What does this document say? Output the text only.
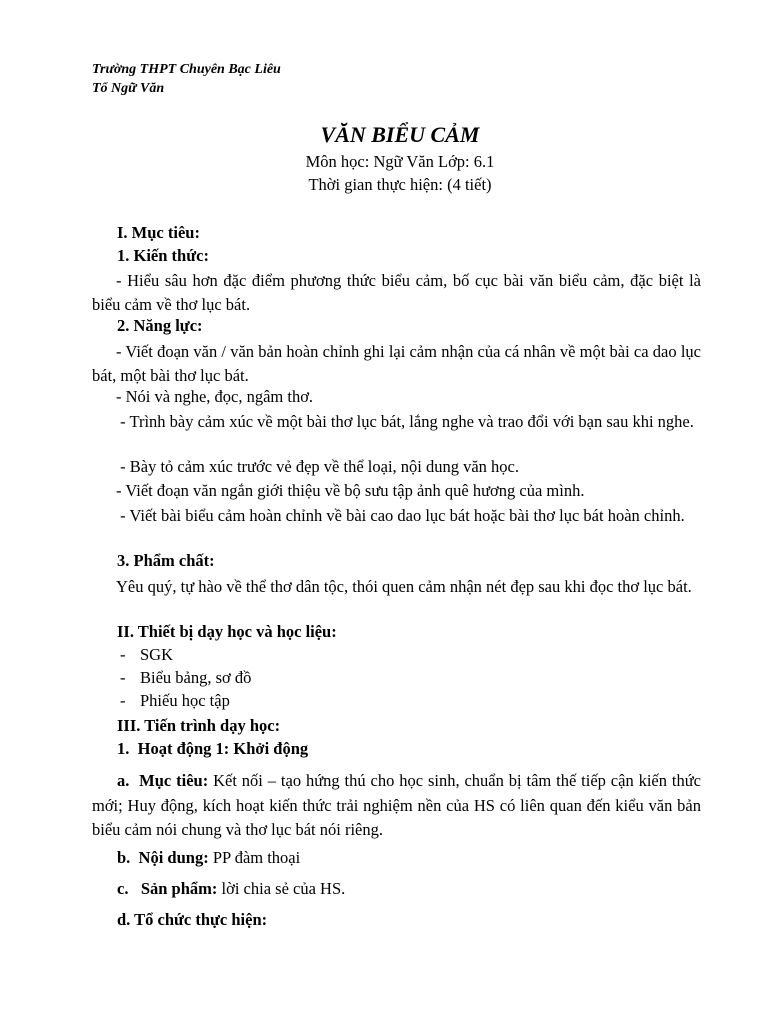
Trường THPT Chuyên Bạc Liêu
Tổ Ngữ Văn
VĂN BIỂU CẢM
Môn học: Ngữ Văn Lớp: 6.1
Thời gian thực hiện: (4 tiết)
I. Mục tiêu:
1. Kiến thức:
- Hiểu sâu hơn đặc điểm phương thức biểu cảm, bố cục bài văn biểu cảm, đặc biệt là biểu cảm về thơ lục bát.
2. Năng lực:
- Viết đoạn văn / văn bản hoàn chỉnh ghi lại cảm nhận của cá nhân về một bài ca dao lục bát, một bài thơ lục bát.
- Nói và nghe, đọc, ngâm thơ.
- Trình bày cảm xúc về một bài thơ lục bát, lắng nghe và trao đổi với bạn sau khi nghe.
- Bày tỏ cảm xúc trước vẻ đẹp về thể loại, nội dung văn học.
- Viết đoạn văn ngắn giới thiệu về bộ sưu tập ảnh quê hương của mình.
- Viết bài biểu cảm hoàn chỉnh về bài cao dao lục bát hoặc bài thơ lục bát hoàn chỉnh.
3. Phẩm chất:
Yêu quý, tự hào về thể thơ dân tộc, thói quen cảm nhận nét đẹp sau khi đọc thơ lục bát.
II. Thiết bị dạy học và học liệu:
- SGK
- Biểu bảng, sơ đồ
- Phiếu học tập
III. Tiến trình dạy học:
1.  Hoạt động 1: Khởi động
a.  Mục tiêu: Kết nối – tạo hứng thú cho học sinh, chuẩn bị tâm thế tiếp cận kiến thức mới; Huy động, kích hoạt kiến thức trải nghiệm nền của HS có liên quan đến kiểu văn bản biểu cảm nói chung và thơ lục bát nói riêng.
b.  Nội dung: PP đàm thoại
c.   Sản phẩm: lời chia sẻ của HS.
d. Tổ chức thực hiện:
